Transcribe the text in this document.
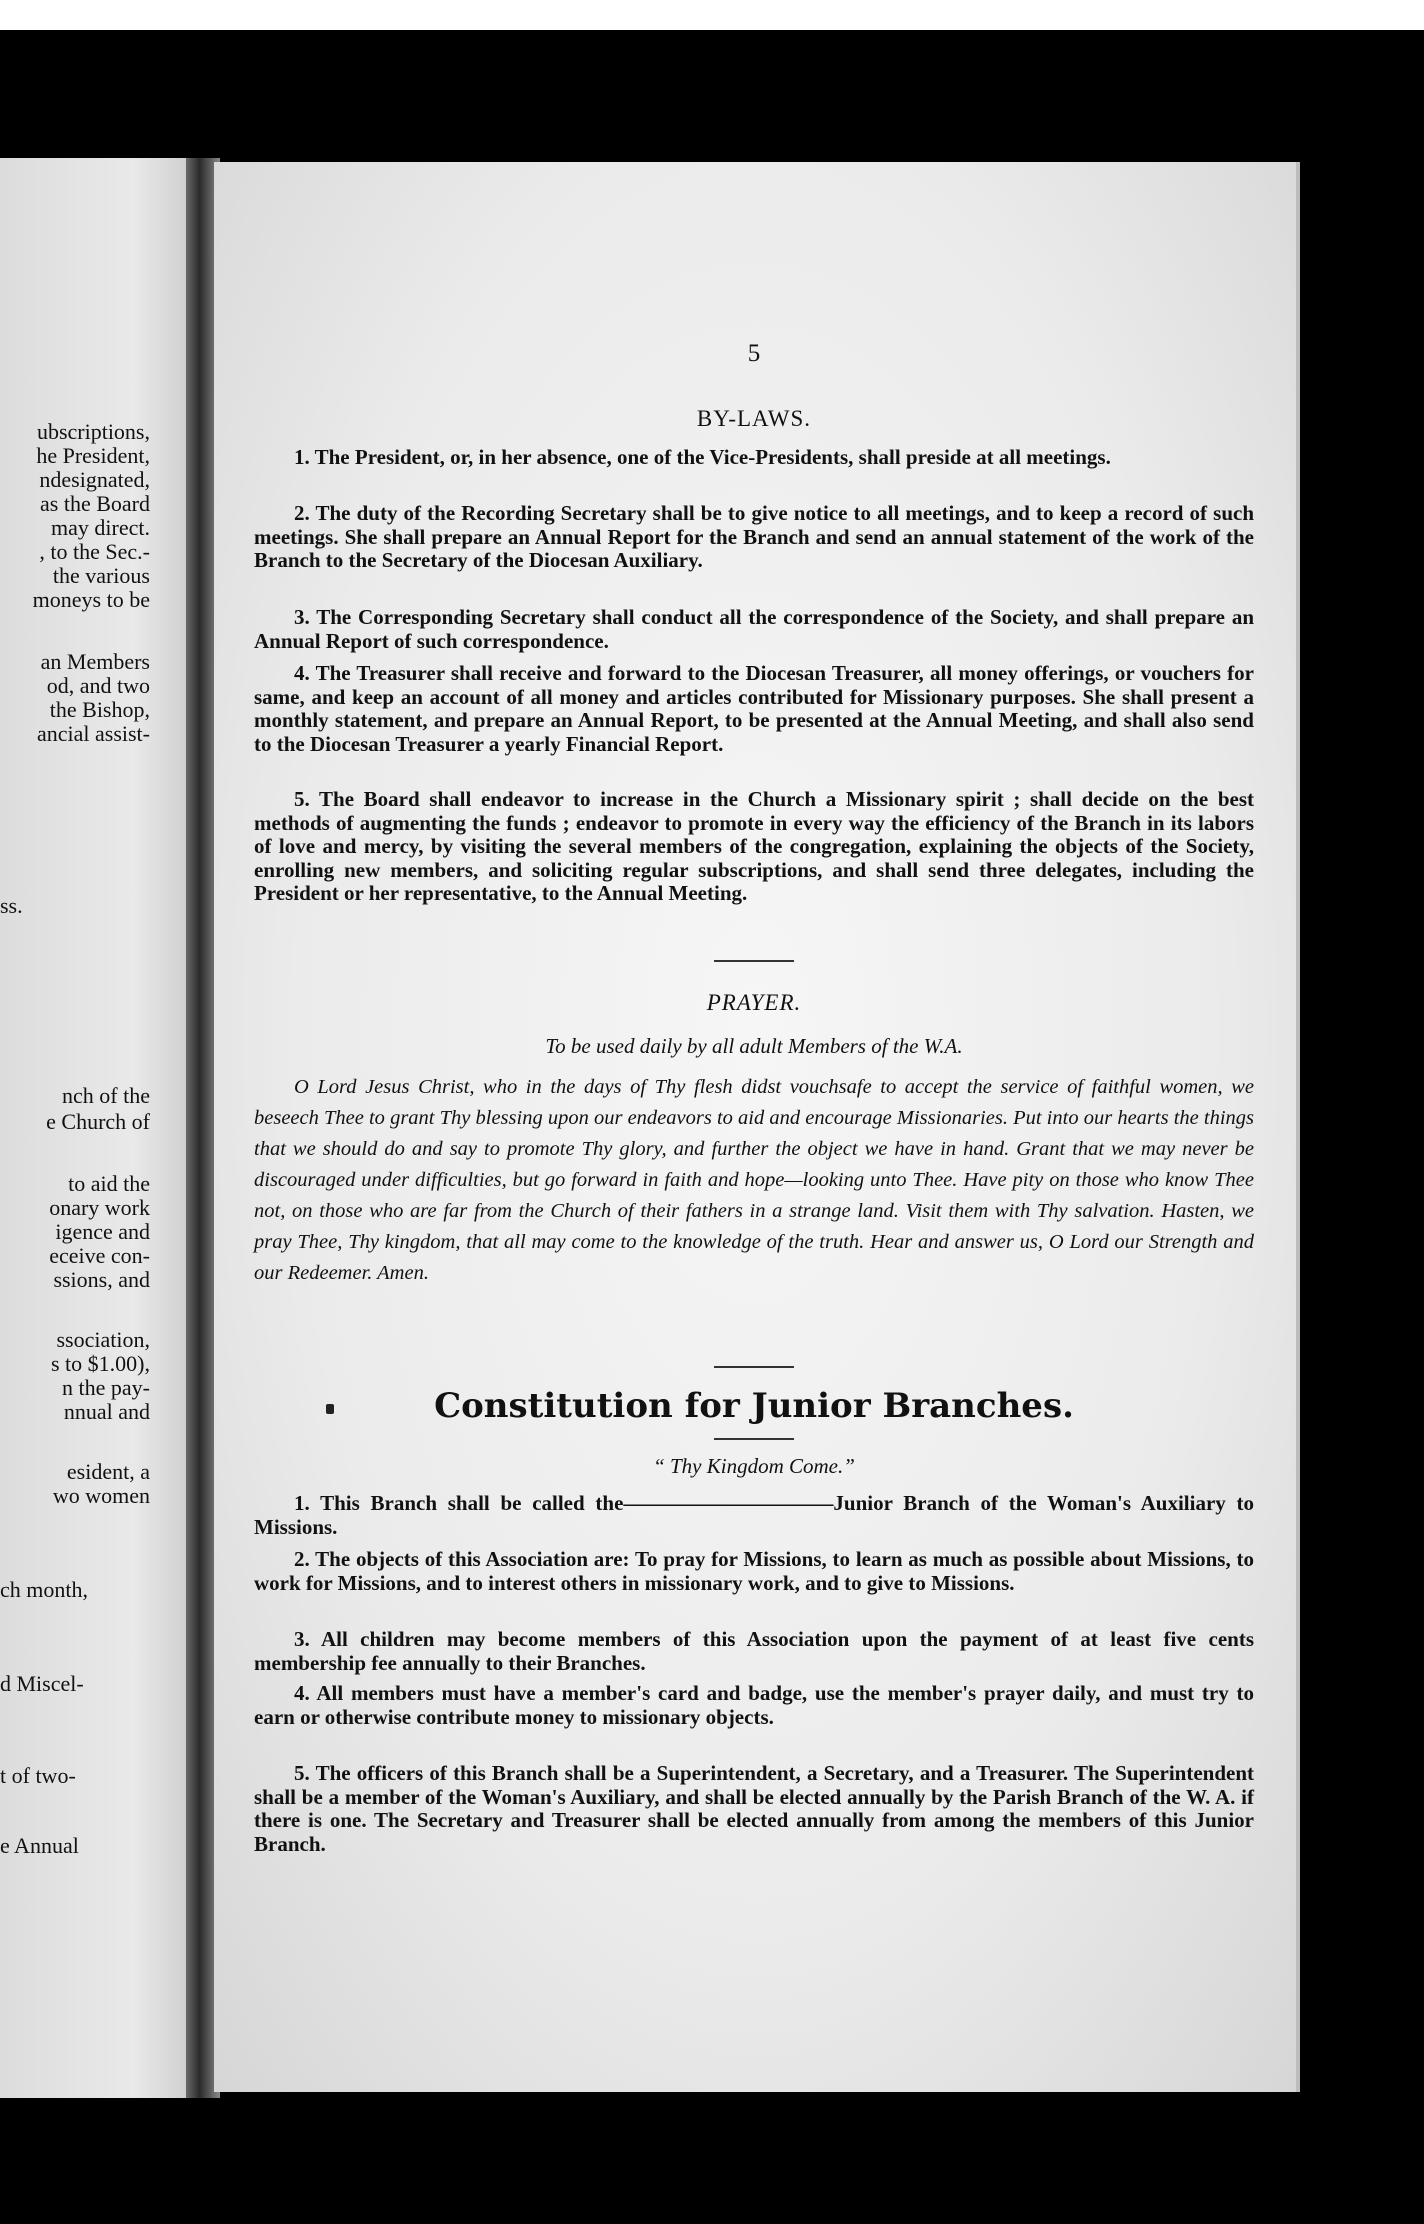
ubscriptions,
he President,
ndesignated,
as the Board
may direct.
, to the Sec.-
the various
moneys to be
an Members
od, and two
the Bishop,
ancial assist-
ss.
nch of the
e Church of
to aid the
onary work
igence and
eceive con-
ssions, and
ssociation,
s to $1.00),
n the pay-
nnual and
esident, a
wo women
ch month,
d Miscel-
t of two-
e Annual
5
BY-LAWS.
1. The President, or, in her absence, one of the Vice-Presidents, shall preside at all meetings.
2. The duty of the Recording Secretary shall be to give notice to all meetings, and to keep a record of such meetings. She shall prepare an Annual Report for the Branch and send an annual statement of the work of the Branch to the Secretary of the Diocesan Auxiliary.
3. The Corresponding Secretary shall conduct all the correspondence of the Society, and shall prepare an Annual Report of such correspondence.
4. The Treasurer shall receive and forward to the Diocesan Treasurer, all money offerings, or vouchers for same, and keep an account of all money and articles contributed for Missionary purposes. She shall present a monthly statement, and prepare an Annual Report, to be presented at the Annual Meeting, and shall also send to the Diocesan Treasurer a yearly Financial Report.
5. The Board shall endeavor to increase in the Church a Missionary spirit ; shall decide on the best methods of augmenting the funds ; endeavor to promote in every way the efficiency of the Branch in its labors of love and mercy, by visiting the several members of the congregation, explaining the objects of the Society, enrolling new members, and soliciting regular subscriptions, and shall send three delegates, including the President or her representative, to the Annual Meeting.
PRAYER.
To be used daily by all adult Members of the W.A.
O Lord Jesus Christ, who in the days of Thy flesh didst vouchsafe to accept the service of faithful women, we beseech Thee to grant Thy blessing upon our endeavors to aid and encourage Missionaries. Put into our hearts the things that we should do and say to promote Thy glory, and further the object we have in hand. Grant that we may never be discouraged under difficulties, but go forward in faith and hope—looking unto Thee. Have pity on those who know Thee not, on those who are far from the Church of their fathers in a strange land. Visit them with Thy salvation. Hasten, we pray Thee, Thy kingdom, that all may come to the knowledge of the truth. Hear and answer us, O Lord our Strength and our Redeemer. Amen.
Constitution for Junior Branches.
“ Thy Kingdom Come.”
1. This Branch shall be called the——————————Junior Branch of the Woman's Auxiliary to Missions.
2. The objects of this Association are: To pray for Missions, to learn as much as possible about Missions, to work for Missions, and to interest others in missionary work, and to give to Missions.
3. All children may become members of this Association upon the payment of at least five cents membership fee annually to their Branches.
4. All members must have a member's card and badge, use the member's prayer daily, and must try to earn or otherwise contribute money to missionary objects.
5. The officers of this Branch shall be a Superintendent, a Secretary, and a Treasurer. The Superintendent shall be a member of the Woman's Auxiliary, and shall be elected annually by the Parish Branch of the W. A. if there is one. The Secretary and Treasurer shall be elected annually from among the members of this Junior Branch.
